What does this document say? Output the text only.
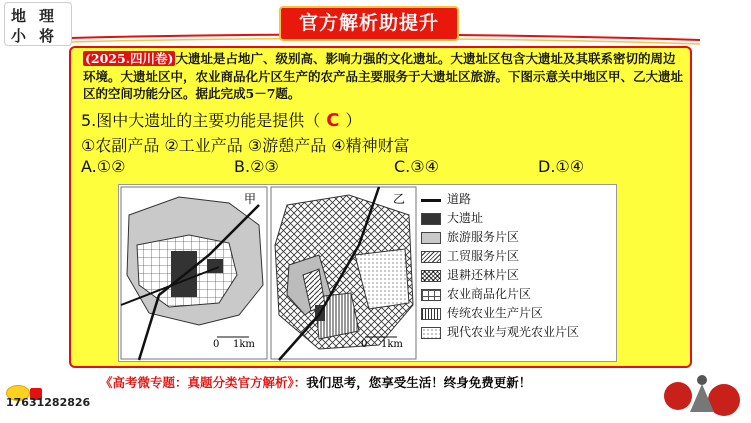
地 理
小 将
官方解析助提升
(2025.四川卷) 大遗址是占地广、级别高、影响力强的文化遗址。大遗址区包含大遗址及其联系密切的周边环境。大遗址区中，农业商品化片区生产的农产品主要服务于大遗址区旅游。下图示意关中地区甲、乙大遗址区的空间功能分区。据此完成5－7题。
5.图中大遗址的主要功能是提供（ C ）
①农副产品 ②工业产品 ③游憩产品 ④精神财富
A.①②	B.②③	C.③④	D.①④
甲
0 1km
乙
0 1km
道路
大遗址
旅游服务片区
工贸服务片区
退耕还林片区
农业商品化片区
传统农业生产片区
现代农业与观光农业片区
《高考微专题：真题分类官方解析》：我们思考，您享受生活！终身免费更新！
17631282826
